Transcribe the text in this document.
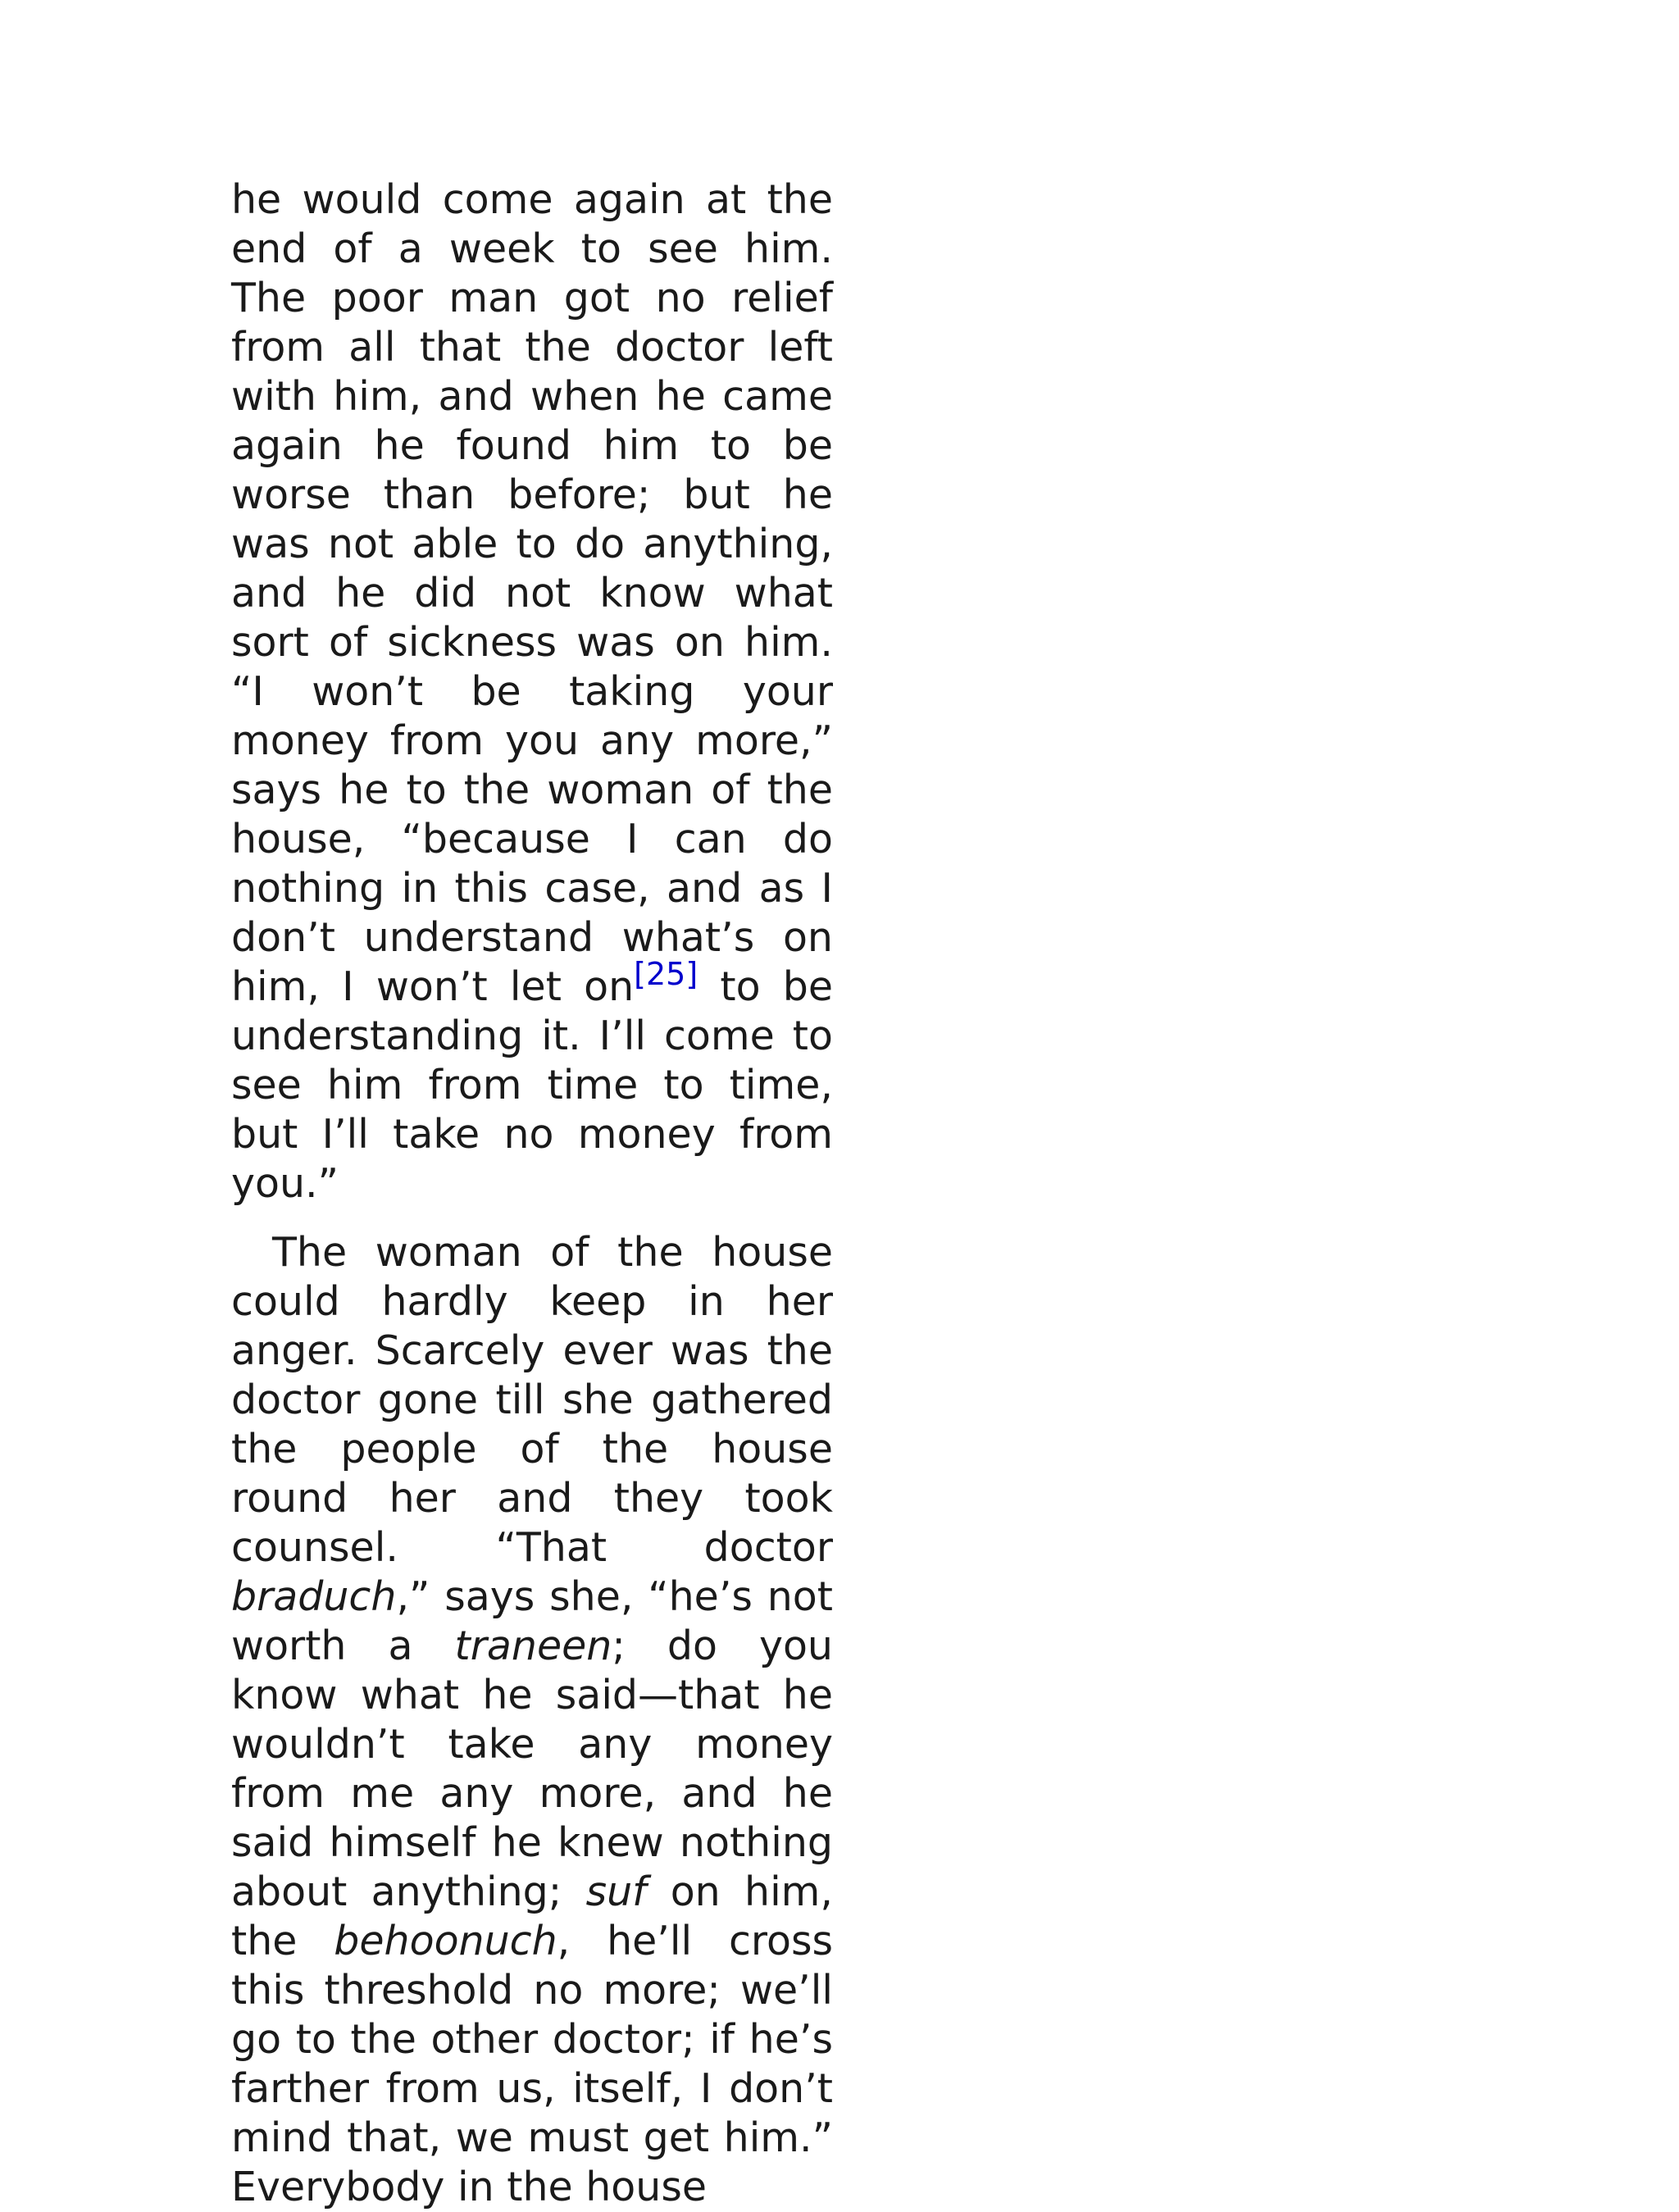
he would come again at the end of a week to see him. The poor man got no relief from all that the doctor left with him, and when he came again he found him to be worse than before; but he was not able to do anything, and he did not know what sort of sickness was on him. “I won’t be taking your money from you any more,” says he to the woman of the house, “because I can do nothing in this case, and as I don’t understand what’s on him, I won’t let on[25] to be understanding it. I’ll come to see him from time to time, but I’ll take no money from you.”

The woman of the house could hardly keep in her anger. Scarcely ever was the doctor gone till she gathered the people of the house round her and they took counsel. “That doctor braduch,” says she, “he’s not worth a traneen; do you know what he said—that he wouldn’t take any money from me any more, and he said himself he knew nothing about anything; suf on him, the behoonuch, he’ll cross this threshold no more; we’ll go to the other doctor; if he’s farther from us, itself, I don’t mind that, we must get him.” Everybody in the house
